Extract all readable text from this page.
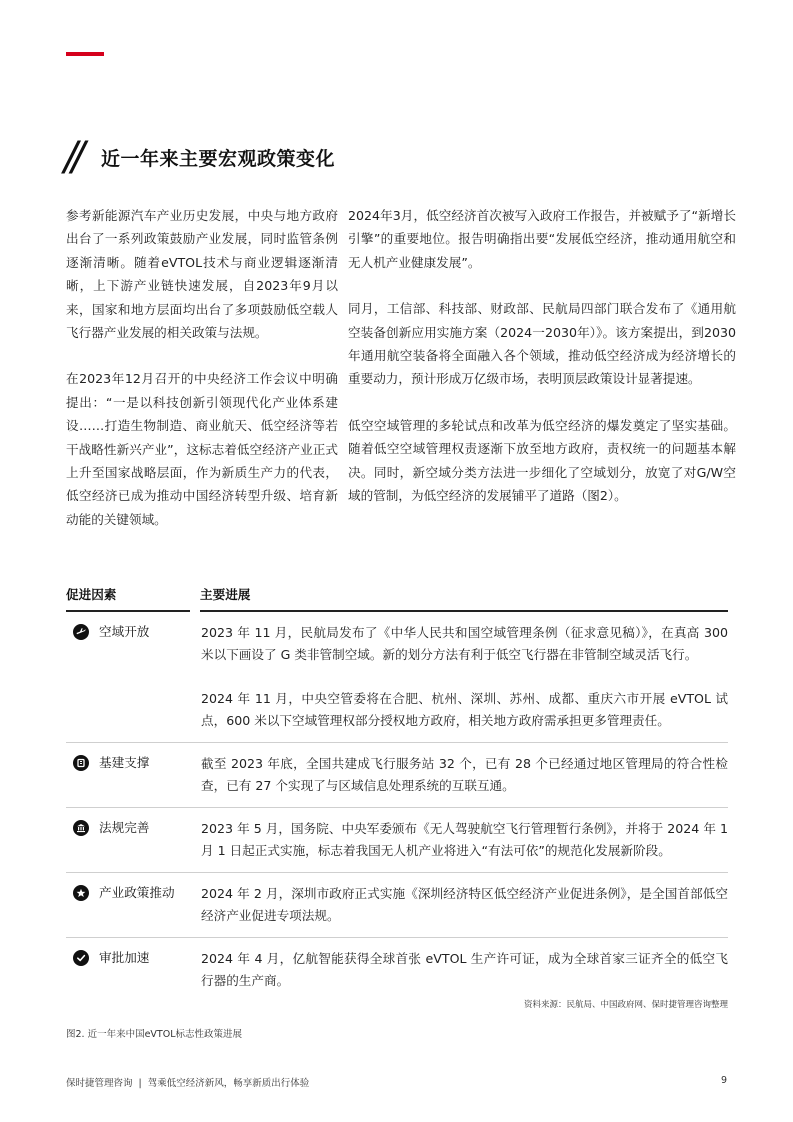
// 近一年来主要宏观政策变化

参考新能源汽车产业历史发展，中央与地方政府出台了一系列政策鼓励产业发展，同时监管条例逐渐清晰。随着eVTOL技术与商业逻辑逐渐清晰，上下游产业链快速发展，自2023年9月以来，国家和地方层面均出台了多项鼓励低空载人飞行器产业发展的相关政策与法规。

在2023年12月召开的中央经济工作会议中明确提出：“一是以科技创新引领现代化产业体系建设……打造生物制造、商业航天、低空经济等若干战略性新兴产业”，这标志着低空经济产业正式上升至国家战略层面，作为新质生产力的代表，低空经济已成为推动中国经济转型升级、培育新动能的关键领域。

2024年3月，低空经济首次被写入政府工作报告，并被赋予了“新增长引擎”的重要地位。报告明确指出要“发展低空经济，推动通用航空和无人机产业健康发展”。

同月，工信部、科技部、财政部、民航局四部门联合发布了《通用航空装备创新应用实施方案（2024一2030年）》。该方案提出，到2030年通用航空装备将全面融入各个领域，推动低空经济成为经济增长的重要动力，预计形成万亿级市场，表明顶层政策设计显著提速。

低空空域管理的多轮试点和改革为低空经济的爆发奠定了坚实基础。随着低空空域管理权责逐渐下放至地方政府，责权统一的问题基本解决。同时，新空域分类方法进一步细化了空域划分，放宽了对G/W空域的管制，为低空经济的发展铺平了道路（图2）。

促进因素	主要进展
空域开放	2023 年 11 月，民航局发布了《中华人民共和国空域管理条例（征求意见稿）》，在真高 300 米以下画设了 G 类非管制空域。新的划分方法有利于低空飞行器在非管制空域灵活飞行。

2024 年 11 月，中央空管委将在合肥、杭州、深圳、苏州、成都、重庆六市开展 eVTOL 试点，600 米以下空域管理权部分授权地方政府，相关地方政府需承担更多管理责任。

基建支撑	截至 2023 年底，全国共建成飞行服务站 32 个，已有 28 个已经通过地区管理局的符合性检查，已有 27 个实现了与区域信息处理系统的互联互通。

法规完善	2023 年 5 月，国务院、中央军委颁布《无人驾驶航空飞行管理暂行条例》，并将于 2024 年 1 月 1 日起正式实施，标志着我国无人机产业将进入“有法可依”的规范化发展新阶段。

产业政策推动 2024 年 2 月，深圳市政府正式实施《深圳经济特区低空经济产业促进条例》，是全国首部低空经济产业促进专项法规。

审批加速	2024 年 4 月，亿航智能获得全球首张 eVTOL 生产许可证，成为全球首家三证齐全的低空飞行器的生产商。

资料来源：民航局、中国政府网、保时捷管理咨询整理
图2. 近一年来中国eVTOL标志性政策进展
保时捷管理咨询 | 驾乘低空经济新风，畅享新质出行体验	9
